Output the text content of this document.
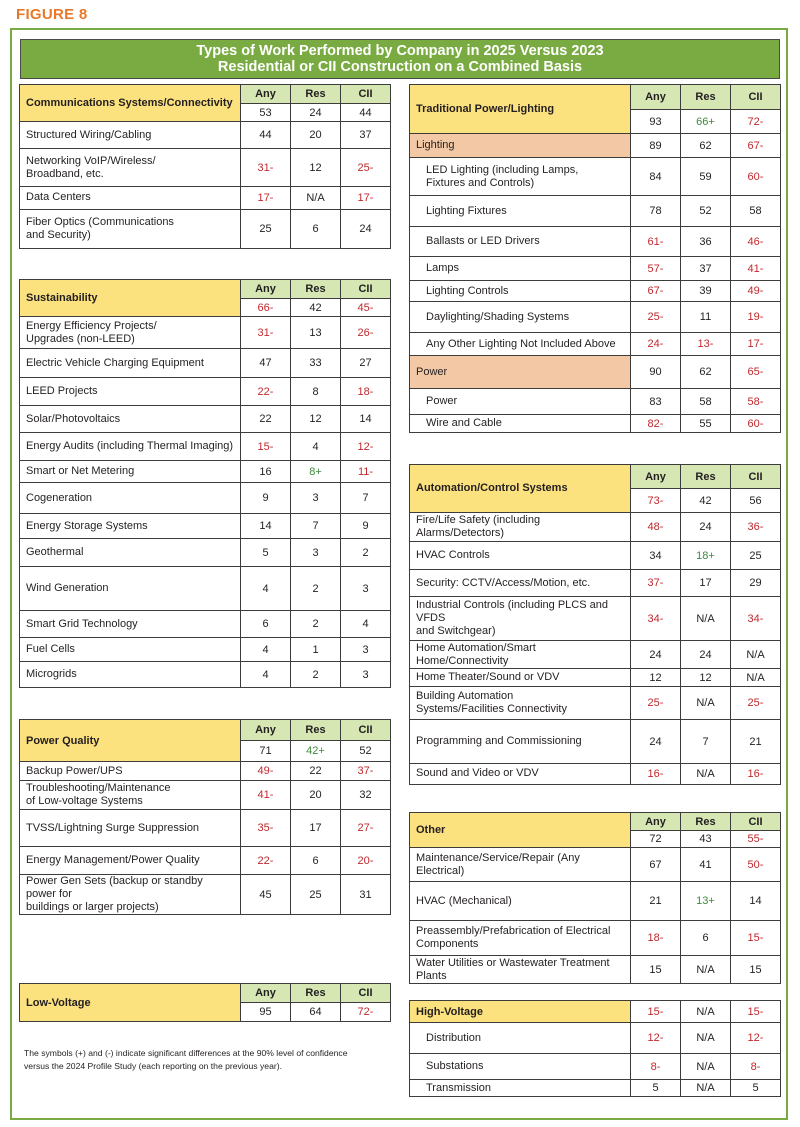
FIGURE 8
Types of Work Performed by Company in 2025 Versus 2023
Residential or CII Construction on a Combined Basis
Communications Systems/Connectivity	Any	Res	CII
	53	24	44
Structured Wiring/Cabling	44	20	37
Networking VoIP/Wireless/
Broadband, etc.	31-	12	25-
Data Centers	17-	N/A	17-
Fiber Optics (Communications
and Security)	25	6	24
Sustainability	Any	Res	CII
	66-	42	45-
Energy Efficiency Projects/
Upgrades (non-LEED)	31-	13	26-
Electric Vehicle Charging Equipment	47	33	27
LEED Projects	22-	8	18-
Solar/Photovoltaics	22	12	14
Energy Audits (including Thermal Imaging)	15-	4	12-
Smart or Net Metering	16	8+	11-
Cogeneration	9	3	7
Energy Storage Systems	14	7	9
Geothermal	5	3	2
Wind Generation	4	2	3
Smart Grid Technology	6	2	4
Fuel Cells	4	1	3
Microgrids	4	2	3
Power Quality	Any	Res	CII
	71	42+	52
Backup Power/UPS	49-	22	37-
Troubleshooting/Maintenance
of Low-voltage Systems	41-	20	32
TVSS/Lightning Surge Suppression	35-	17	27-
Energy Management/Power Quality	22-	6	20-
Power Gen Sets (backup or standby power for
buildings or larger projects)	45	25	31
Low-Voltage	Any	Res	CII
	95	64	72-
Traditional Power/Lighting	Any	Res	CII
	93	66+	72-
Lighting	89	62	67-
LED Lighting (including Lamps,
Fixtures and Controls)	84	59	60-
Lighting Fixtures	78	52	58
Ballasts or LED Drivers	61-	36	46-
Lamps	57-	37	41-
Lighting Controls	67-	39	49-
Daylighting/Shading Systems	25-	11	19-
Any Other Lighting Not Included Above	24-	13-	17-
Power	90	62	65-
Power	83	58	58-
Wire and Cable	82-	55	60-
Automation/Control Systems	Any	Res	CII
	73-	42	56
Fire/Life Safety (including Alarms/Detectors)	48-	24	36-
HVAC Controls	34	18+	25
Security: CCTV/Access/Motion, etc.	37-	17	29
Industrial Controls (including PLCS and VFDS
and Switchgear)	34-	N/A	34-
Home Automation/Smart Home/Connectivity	24	24	N/A
Home Theater/Sound or VDV	12	12	N/A
Building Automation
Systems/Facilities Connectivity	25-	N/A	25-
Programming and Commissioning	24	7	21
Sound and Video or VDV	16-	N/A	16-
Other	Any	Res	CII
	72	43	55-
Maintenance/Service/Repair (Any Electrical)	67	41	50-
HVAC (Mechanical)	21	13+	14
Preassembly/Prefabrication of Electrical
Components	18-	6	15-
Water Utilities or Wastewater Treatment Plants	15	N/A	15
High-Voltage	15-	N/A	15-
Distribution	12-	N/A	12-
Substations	8-	N/A	8-
Transmission	5	N/A	5
The symbols (+) and (-) indicate significant differences at the 90% level of confidence versus the 2024 Profile Study (each reporting on the previous year).
